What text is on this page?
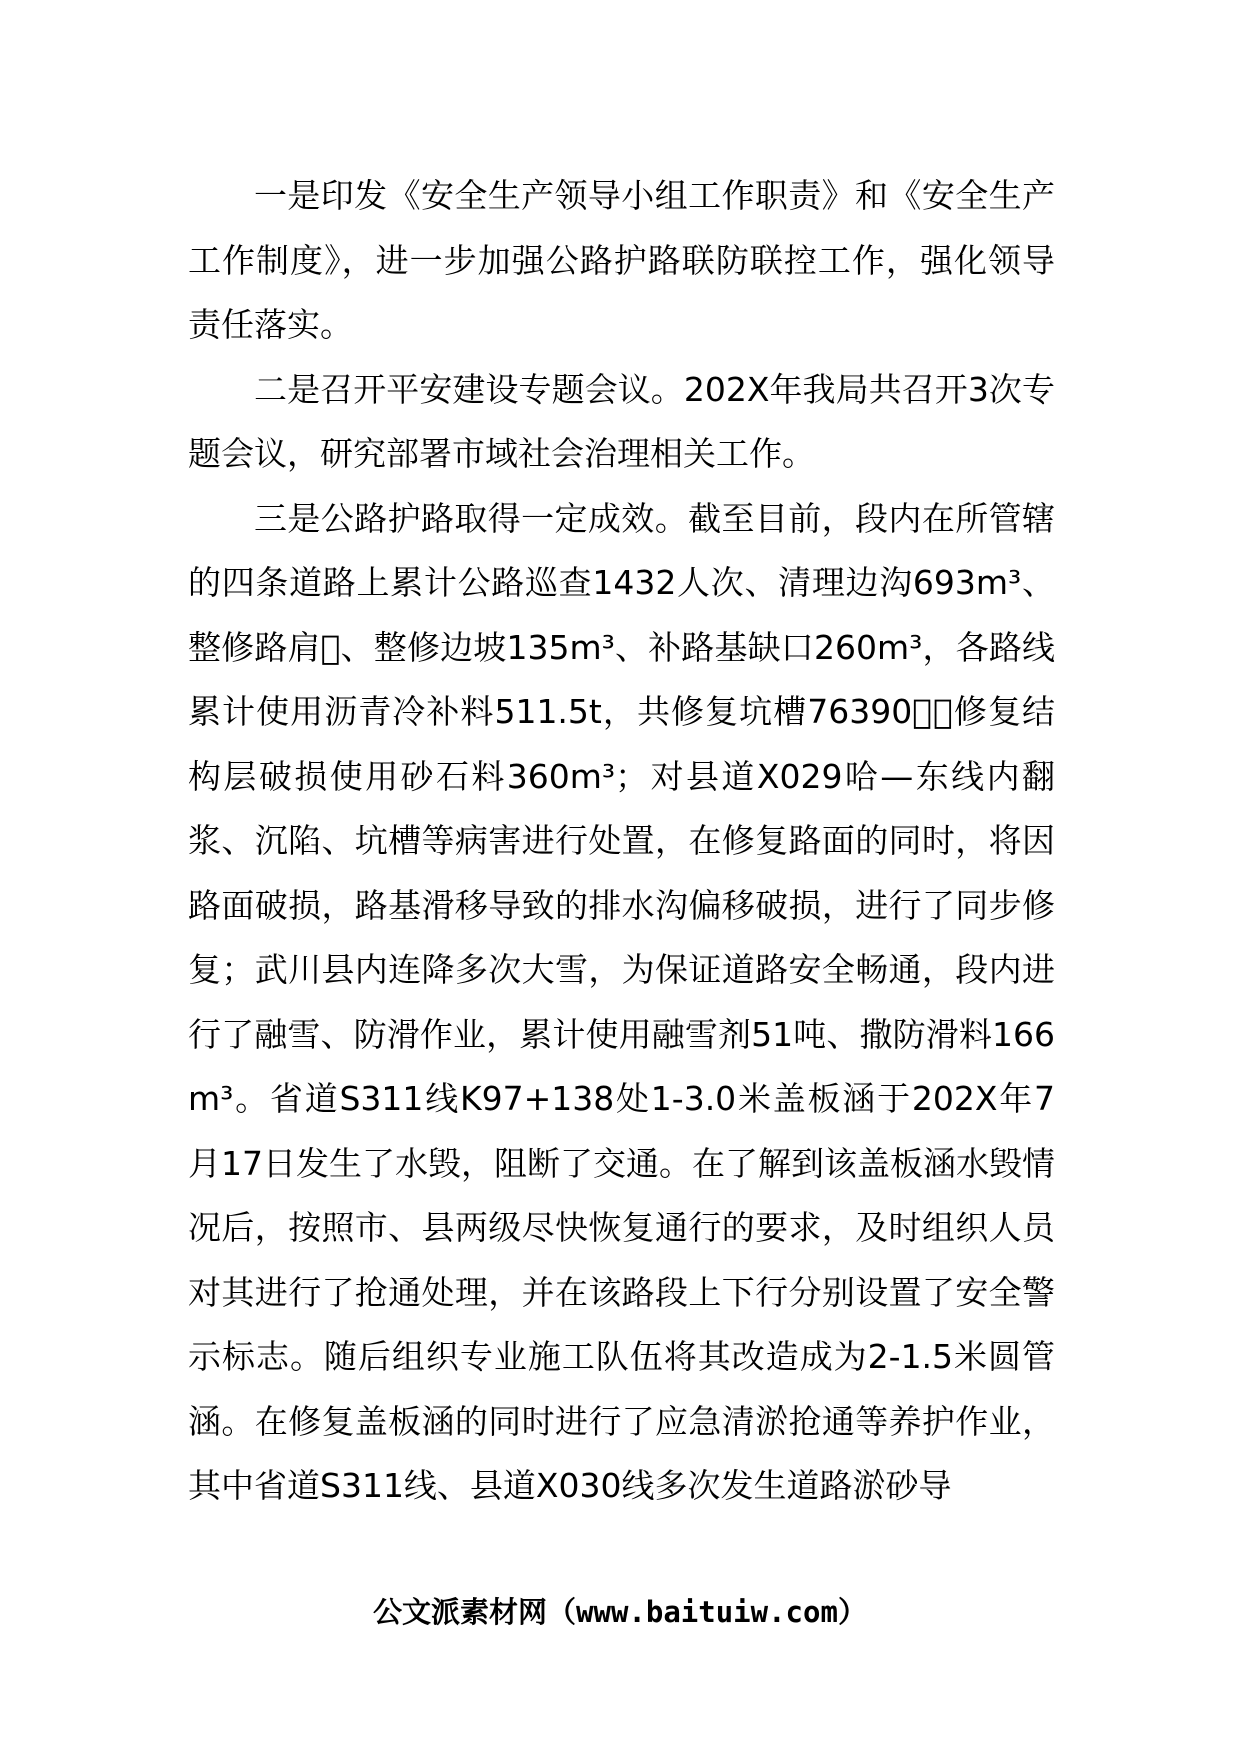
一是印发《安全生产领导小组工作职责》和《安全生产工作制度》，进一步加强公路护路联防联控工作，强化领导责任落实。

二是召开平安建设专题会议。202X年我局共召开3次专题会议，研究部署市域社会治理相关工作。

三是公路护路取得一定成效。截至目前，段内在所管辖的四条道路上累计公路巡查1432人次、清理边沟693m³、整修路肩􏰀、整修边坡135m³、补路基缺口260m³，各路线累计使用沥青冷补料511.5t，共修复坑槽76390􏰀，修复结构层破损使用砂石料360m³；对县道X029哈—东线内翻浆、沉陷、坑槽等病害进行处置，在修复路面的同时，将因路面破损，路基滑移导致的排水沟偏移破损，进行了同步修复；武川县内连降多次大雪，为保证道路安全畅通，段内进行了融雪、防滑作业，累计使用融雪剂51吨、撒防滑料166m³。省道S311线K97+138处1-3.0米盖板涵于202X年7月17日发生了水毁，阻断了交通。在了解到该盖板涵水毁情况后，按照市、县两级尽快恢复通行的要求，及时组织人员对其进行了抢通处理，并在该路段上下行分别设置了安全警示标志。随后组织专业施工队伍将其改造成为2-1.5米圆管涵。在修复盖板涵的同时进行了应急清淤抢通等养护作业，其中省道S311线、县道X030线多次发生道路淤砂导

公文派素材网（www.baituiw.com）
